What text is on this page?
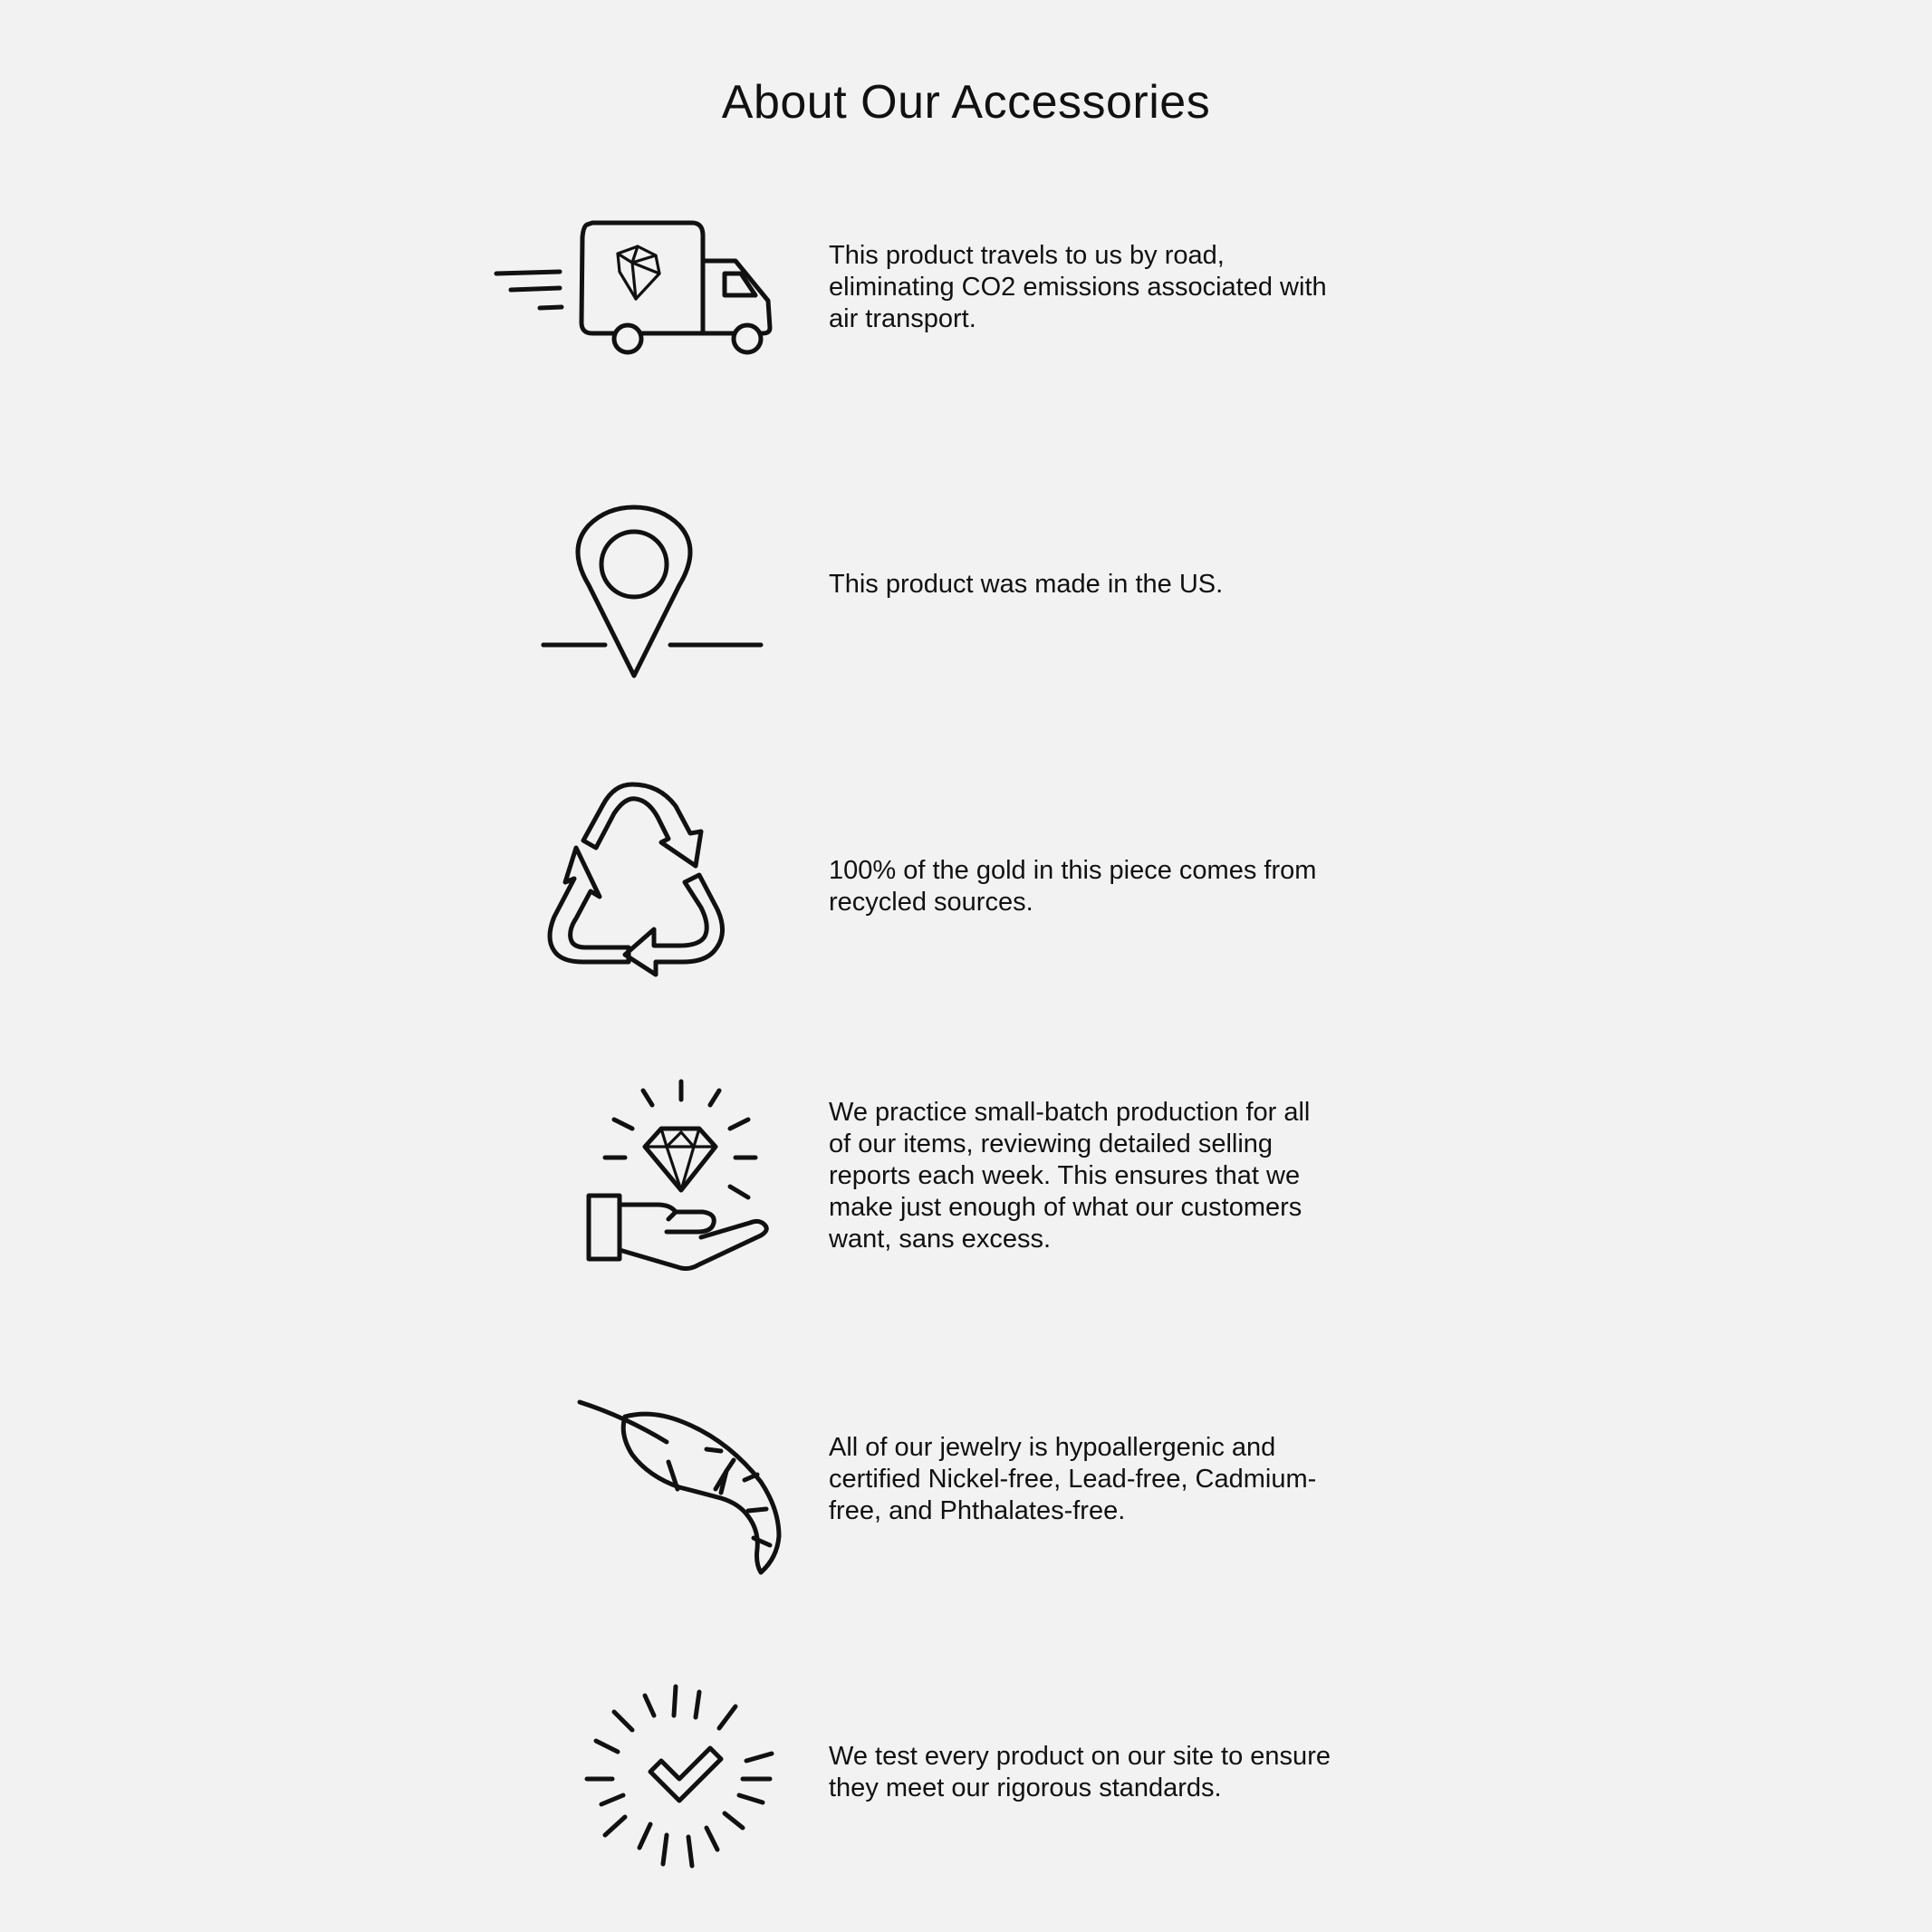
About Our Accessories

This product travels to us by road, eliminating CO2 emissions associated with air transport.

This product was made in the US.

100% of the gold in this piece comes from recycled sources.

We practice small-batch production for all of our items, reviewing detailed selling reports each week. This ensures that we make just enough of what our customers want, sans excess.

All of our jewelry is hypoallergenic and certified Nickel-free, Lead-free, Cadmium-free, and Phthalates-free.

We test every product on our site to ensure they meet our rigorous standards.
